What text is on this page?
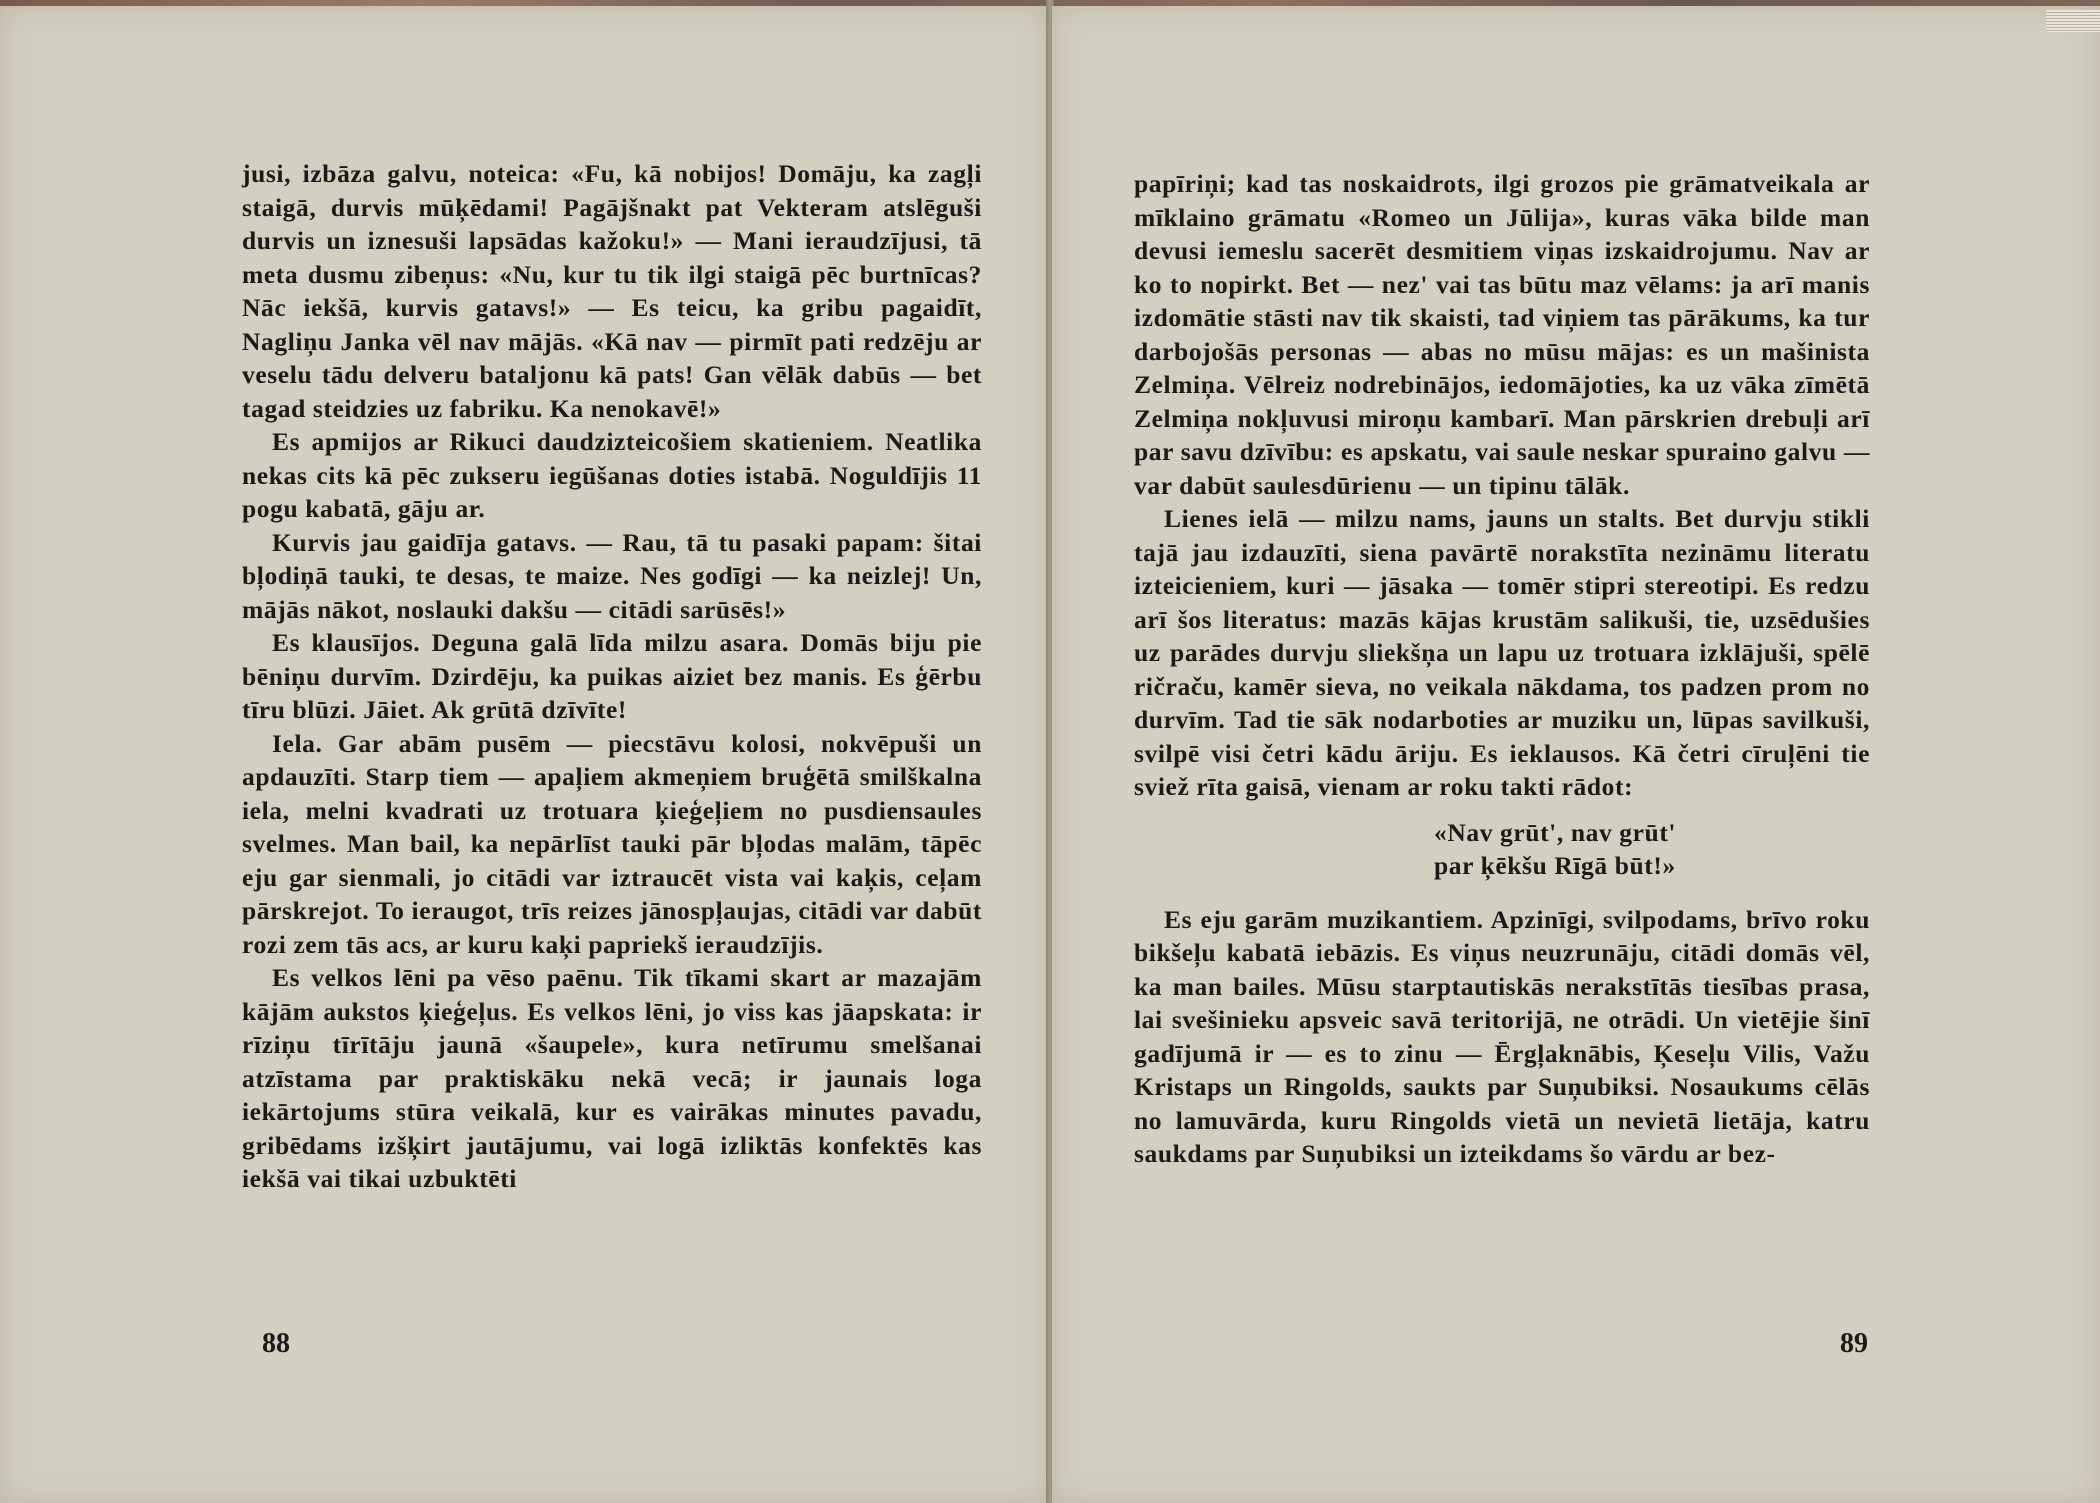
jusi, izbāza galvu, noteica: «Fu, kā nobijos! Domāju, ka zagļi staigā, durvis mūķēdami! Pagājšnakt pat Vekteram atslēguši durvis un iznesuši lapsādas kažoku!» — Mani ieraudzījusi, tā meta dusmu zibeņus: «Nu, kur tu tik ilgi staigā pēc burtnīcas? Nāc iekšā, kurvis gatavs!» — Es teicu, ka gribu pagaidīt, Nagliņu Janka vēl nav mājās. «Kā nav — pirmīt pati redzēju ar veselu tādu delveru bataljonu kā pats! Gan vēlāk dabūs — bet tagad steidzies uz fabriku. Ka nenokavē!»

Es apmijos ar Rikuci daudzizteicošiem skatieniem. Neatlika nekas cits kā pēc zukseru iegūšanas doties istabā. Noguldījis 11 pogu kabatā, gāju ar.

Kurvis jau gaidīja gatavs. — Rau, tā tu pasaki papam: šitai bļodiņā tauki, te desas, te maize. Nes godīgi — ka neizlej! Un, mājās nākot, noslauki dakšu — citādi sarūsēs!»

Es klausījos. Deguna galā līda milzu asara. Domās biju pie bēniņu durvīm. Dzirdēju, ka puikas aiziet bez manis. Es ģērbu tīru blūzi. Jāiet. Ak grūtā dzīvīte!

Iela. Gar abām pusēm — piecstāvu kolosi, nokvēpuši un apdauzīti. Starp tiem — apaļiem akmeņiem bruģētā smilškalna iela, melni kvadrati uz trotuara ķieģeļiem no pusdiensaules svelmes. Man bail, ka nepārlīst tauki pār bļodas malām, tāpēc eju gar sienmali, jo citādi var iztraucēt vista vai kaķis, ceļam pārskrejot. To ieraugot, trīs reizes jānospļaujas, citādi var dabūt rozi zem tās acs, ar kuru kaķi papriekš ieraudzījis.

Es velkos lēni pa vēso paēnu. Tik tīkami skart ar mazajām kājām aukstos ķieģeļus. Es velkos lēni, jo viss kas jāapskata: ir rīziņu tīrītāju jaunā «šaupele», kura netīrumu smelšanai atzīstama par praktiskāku nekā vecā; ir jaunais loga iekārtojums stūra veikalā, kur es vairākas minutes pavadu, gribēdams izšķirt jautājumu, vai logā izliktās konfektēs kas iekšā vai tikai uzbuktēti

88

papīriņi; kad tas noskaidrots, ilgi grozos pie grāmatveikala ar mīklaino grāmatu «Romeo un Jūlija», kuras vāka bilde man devusi iemeslu sacerēt desmitiem viņas izskaidrojumu. Nav ar ko to nopirkt. Bet — nez' vai tas būtu maz vēlams: ja arī manis izdomātie stāsti nav tik skaisti, tad viņiem tas pārākums, ka tur darbojošās personas — abas no mūsu mājas: es un mašinista Zelmiņa. Vēlreiz nodrebinājos, iedomājoties, ka uz vāka zīmētā Zelmiņa nokļuvusi miroņu kambarī. Man pārskrien drebuļi arī par savu dzīvību: es apskatu, vai saule neskar spuraino galvu — var dabūt saulesdūrienu — un tipinu tālāk.

Lienes ielā — milzu nams, jauns un stalts. Bet durvju stikli tajā jau izdauzīti, siena pavārtē norakstīta nezināmu literatu izteicieniem, kuri — jāsaka — tomēr stipri stereotipi. Es redzu arī šos literatus: mazās kājas krustām salikuši, tie, uzsēdušies uz parādes durvju sliekšņa un lapu uz trotuara izklājuši, spēlē ričraču, kamēr sieva, no veikala nākdama, tos padzen prom no durvīm. Tad tie sāk nodarboties ar muziku un, lūpas savilkuši, svilpē visi četri kādu āriju. Es ieklausos. Kā četri cīruļēni tie sviež rīta gaisā, vienam ar roku takti rādot:

«Nav grūt', nav grūt'
par ķēkšu Rīgā būt!»

Es eju garām muzikantiem. Apzinīgi, svilpodams, brīvo roku bikšeļu kabatā iebāzis. Es viņus neuzrunāju, citādi domās vēl, ka man bailes. Mūsu starptautiskās nerakstītās tiesības prasa, lai svešinieku apsveic savā teritorijā, ne otrādi. Un vietējie šinī gadījumā ir — es to zinu — Ērgļaknābis, Ķeseļu Vilis, Važu Kristaps un Ringolds, saukts par Suņubiksi. Nosaukums cēlās no lamuvārda, kuru Ringolds vietā un nevietā lietāja, katru saukdams par Suņubiksi un izteikdams šo vārdu ar bez-

89
